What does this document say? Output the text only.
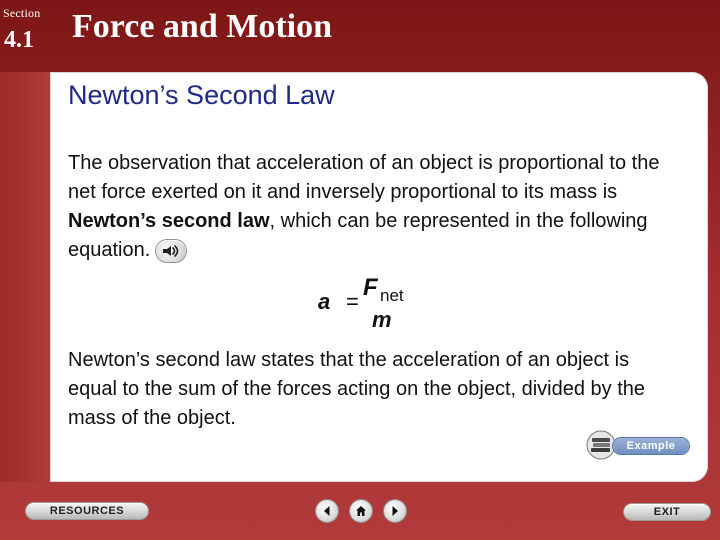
Section
4.1 Force and Motion
Newton’s Second Law
The observation that acceleration of an object is proportional to the net force exerted on it and inversely proportional to its mass is Newton’s second law, which can be represented in the following equation.
a =
F net
m
Newton’s second law states that the acceleration of an object is equal to the sum of the forces acting on the object, divided by the mass of the object.
Example
RESOURCES	EXIT
